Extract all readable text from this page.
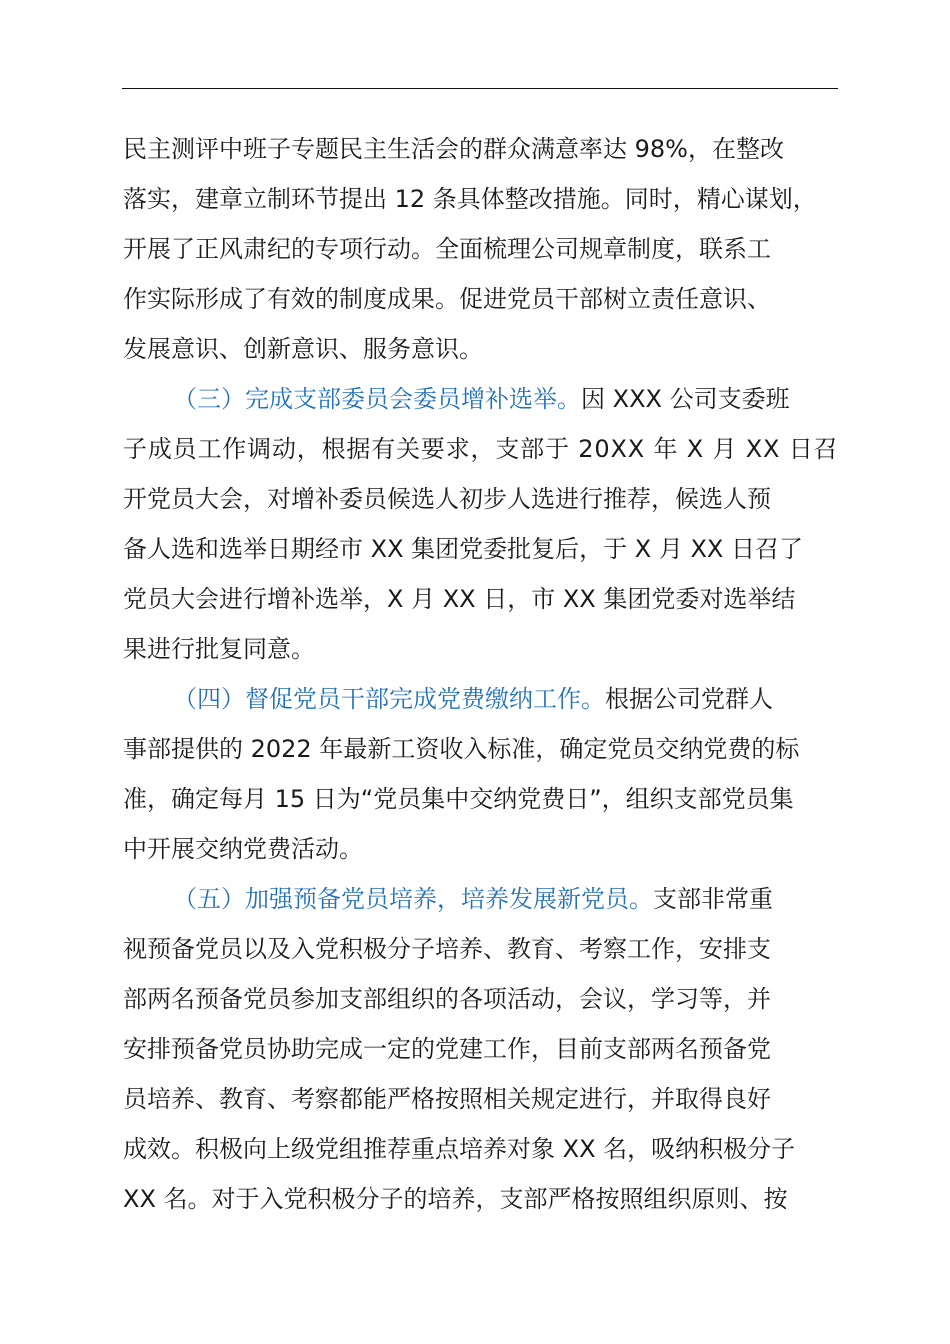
民主测评中班子专题民主生活会的群众满意率达 98%，在整改
落实，建章立制环节提出 12 条具体整改措施。同时，精心谋划，
开展了正风肃纪的专项行动。全面梳理公司规章制度，联系工
作实际形成了有效的制度成果。促进党员干部树立责任意识、
发展意识、创新意识、服务意识。
（三）完成支部委员会委员增补选举。 因 XXX 公司支委班
子成员工作调动，根据有关要求，支部于 20XX 年 X 月 XX 日召
开党员大会，对增补委员候选人初步人选进行推荐，候选人预
备人选和选举日期经市 XX 集团党委批复后，于 X 月 XX 日召了
党员大会进行增补选举，X 月 XX 日，市 XX 集团党委对选举结
果进行批复同意。
（四）督促党员干部完成党费缴纳工作。 根据公司党群人
事部提供的 2022 年最新工资收入标准，确定党员交纳党费的标
准，确定每月 15 日为“党员集中交纳党费日”，组织支部党员集
中开展交纳党费活动。
（五）加强预备党员培养，培养发展新党员。 支部非常重
视预备党员以及入党积极分子培养、教育、考察工作，安排支
部两名预备党员参加支部组织的各项活动，会议，学习等，并
安排预备党员协助完成一定的党建工作，目前支部两名预备党
员培养、教育、考察都能严格按照相关规定进行，并取得良好
成效。积极向上级党组推荐重点培养对象 XX 名，吸纳积极分子
XX 名。对于入党积极分子的培养，支部严格按照组织原则、按
